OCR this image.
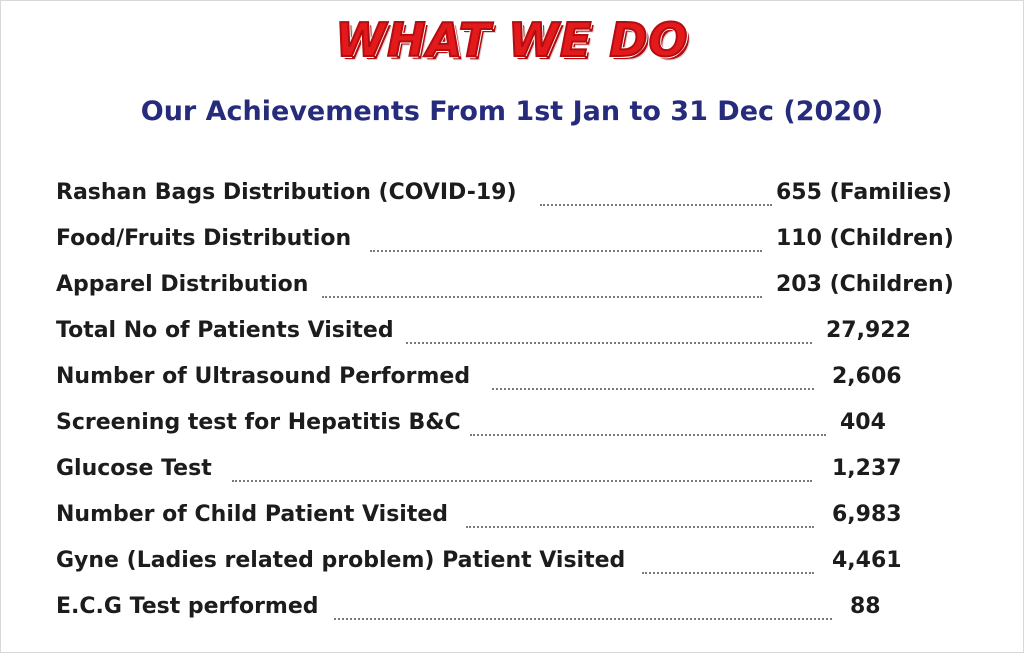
WHAT WE DO
Our Achievements From 1st Jan to 31 Dec (2020)
Rashan Bags Distribution (COVID-19)	655 (Families)
Food/Fruits Distribution	110 (Children)
Apparel Distribution	203 (Children)
Total No of Patients Visited	27,922
Number of Ultrasound Performed	2,606
Screening test for Hepatitis B&C	404
Glucose Test	1,237
Number of Child Patient Visited	6,983
Gyne (Ladies related problem) Patient Visited	4,461
E.C.G Test performed	88
